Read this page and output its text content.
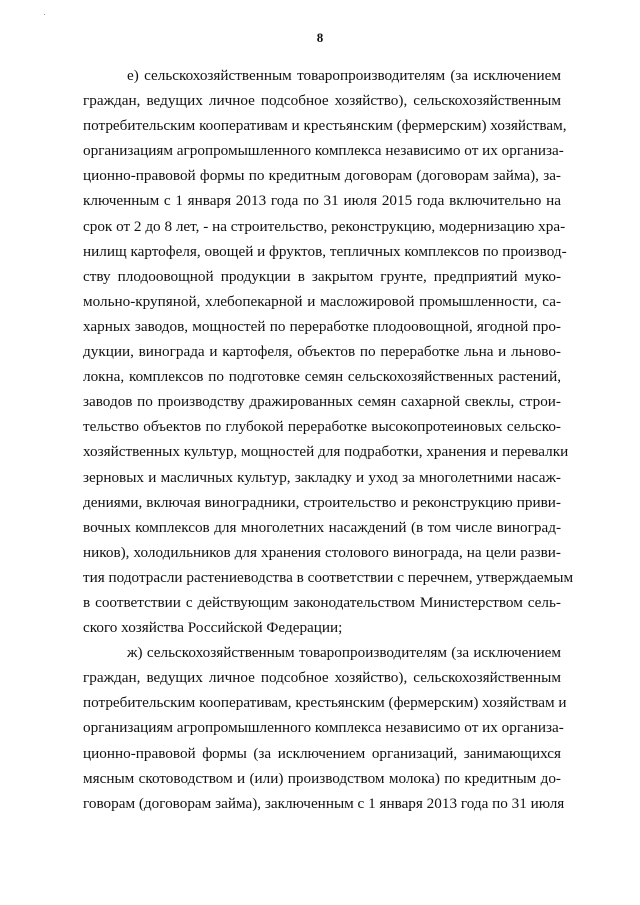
8
е) сельскохозяйственным товаропроизводителям (за исключением
граждан, ведущих личное подсобное хозяйство), сельскохозяйственным
потребительским кооперативам и крестьянским (фермерским) хозяйствам,
организациям агропромышленного комплекса независимо от их организа-
ционно-правовой формы по кредитным договорам (договорам займа), за-
ключенным с 1 января 2013 года по 31 июля 2015 года включительно на
срок от 2 до 8 лет, - на строительство, реконструкцию, модернизацию хра-
нилищ картофеля, овощей и фруктов, тепличных комплексов по производ-
ству плодоовощной продукции в закрытом грунте, предприятий муко-
мольно-крупяной, хлебопекарной и масложировой промышленности, са-
харных заводов, мощностей по переработке плодоовощной, ягодной про-
дукции, винограда и картофеля, объектов по переработке льна и льново-
локна, комплексов по подготовке семян сельскохозяйственных растений,
заводов по производству дражированных семян сахарной свеклы, строи-
тельство объектов по глубокой переработке высокопротеиновых сельско-
хозяйственных культур, мощностей для подработки, хранения и перевалки
зерновых и масличных культур, закладку и уход за многолетними насаж-
дениями, включая виноградники, строительство и реконструкцию приви-
вочных комплексов для многолетних насаждений (в том числе виноград-
ников), холодильников для хранения столового винограда, на цели разви-
тия подотрасли растениеводства в соответствии с перечнем, утверждаемым
в соответствии с действующим законодательством Министерством сель-
ского хозяйства Российской Федерации;
ж) сельскохозяйственным товаропроизводителям (за исключением
граждан, ведущих личное подсобное хозяйство), сельскохозяйственным
потребительским кооперативам, крестьянским (фермерским) хозяйствам и
организациям агропромышленного комплекса независимо от их организа-
ционно-правовой формы (за исключением организаций, занимающихся
мясным скотоводством и (или) производством молока) по кредитным до-
говорам (договорам займа), заключенным с 1 января 2013 года по 31 июля
